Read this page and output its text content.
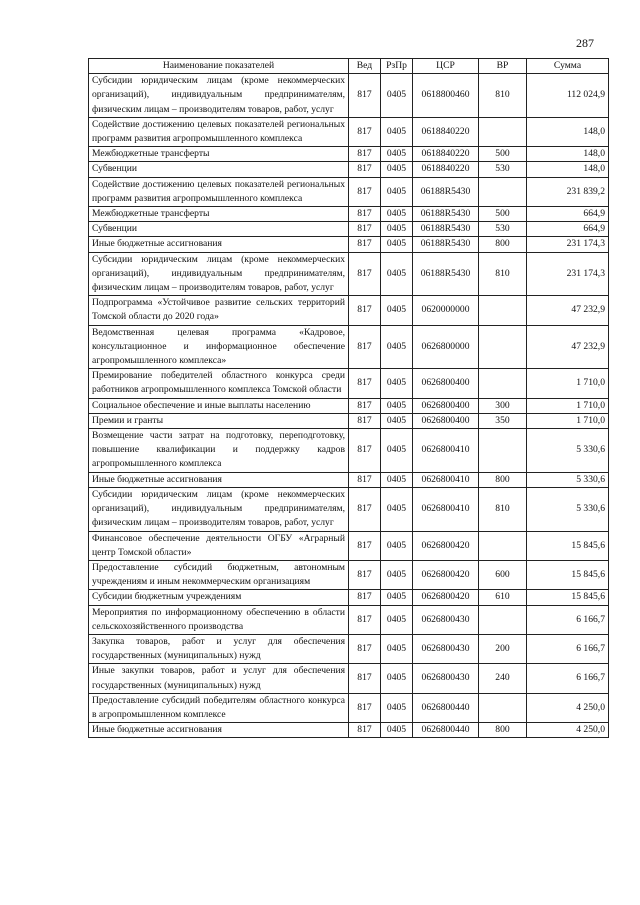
287
Наименование показателей	Вед	РзПр	ЦСР	ВР	Сумма
Субсидии юридическим лицам (кроме некоммерческих организаций), индивидуальным предпринимателям, физическим лицам – производителям товаров, работ, услуг	817	0405	0618800460	810	112 024,9
Содействие достижению целевых показателей региональных программ развития агропромышленного комплекса	817	0405	0618840220		148,0
Межбюджетные трансферты	817	0405	0618840220	500	148,0
Субвенции	817	0405	0618840220	530	148,0
Содействие достижению целевых показателей региональных программ развития агропромышленного комплекса	817	0405	06188R5430		231 839,2
Межбюджетные трансферты	817	0405	06188R5430	500	664,9
Субвенции	817	0405	06188R5430	530	664,9
Иные бюджетные ассигнования	817	0405	06188R5430	800	231 174,3
Субсидии юридическим лицам (кроме некоммерческих организаций), индивидуальным предпринимателям, физическим лицам – производителям товаров, работ, услуг	817	0405	06188R5430	810	231 174,3
Подпрограмма «Устойчивое развитие сельских территорий Томской области до 2020 года»	817	0405	0620000000		47 232,9
Ведомственная целевая программа «Кадровое, консультационное и информационное обеспечение агропромышленного комплекса»	817	0405	0626800000		47 232,9
Премирование победителей областного конкурса среди работников агропромышленного комплекса Томской области	817	0405	0626800400		1 710,0
Социальное обеспечение и иные выплаты населению	817	0405	0626800400	300	1 710,0
Премии и гранты	817	0405	0626800400	350	1 710,0
Возмещение части затрат на подготовку, переподготовку, повышение квалификации и поддержку кадров агропромышленного комплекса	817	0405	0626800410		5 330,6
Иные бюджетные ассигнования	817	0405	0626800410	800	5 330,6
Субсидии юридическим лицам (кроме некоммерческих организаций), индивидуальным предпринимателям, физическим лицам – производителям товаров, работ, услуг	817	0405	0626800410	810	5 330,6
Финансовое обеспечение деятельности ОГБУ «Аграрный центр Томской области»	817	0405	0626800420		15 845,6
Предоставление субсидий бюджетным, автономным учреждениям и иным некоммерческим организациям	817	0405	0626800420	600	15 845,6
Субсидии бюджетным учреждениям	817	0405	0626800420	610	15 845,6
Мероприятия по информационному обеспечению в области сельскохозяйственного производства	817	0405	0626800430		6 166,7
Закупка товаров, работ и услуг для обеспечения государственных (муниципальных) нужд	817	0405	0626800430	200	6 166,7
Иные закупки товаров, работ и услуг для обеспечения государственных (муниципальных) нужд	817	0405	0626800430	240	6 166,7
Предоставление субсидий победителям областного конкурса в агропромышленном комплексе	817	0405	0626800440		4 250,0
Иные бюджетные ассигнования	817	0405	0626800440	800	4 250,0
